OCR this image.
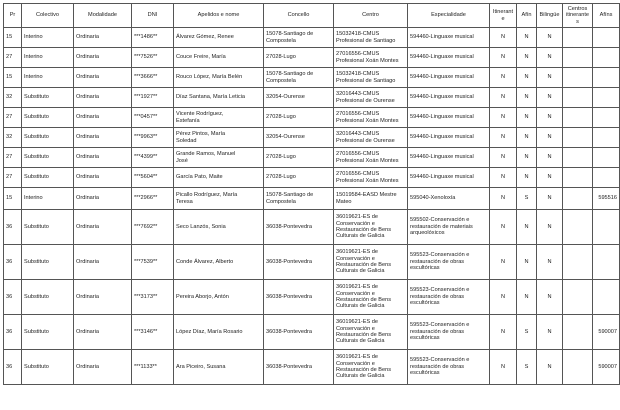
Pr	Colectivo	Modalidade	DNI	Apelidos e nome	Concello	Centro	Especialidade	Itinerante	Afín	Bilingüe	Centros itinerantes	Afíns
15	Interino	Ordinaria	***1486**	Álvarez Gómez, Renee	15078-Santiago de
Compostela	15032418-CMUS
Profesional de Santiago	594460-Linguaxe musical	N	N	N		
27	Interino	Ordinaria	***7526**	Couce Freire, María	27028-Lugo	27016556-CMUS
Profesional Xoán Montes	594460-Linguaxe musical	N	N	N		
15	Interino	Ordinaria	***3666**	Rouco López, María Belén	15078-Santiago de
Compostela	15032418-CMUS
Profesional de Santiago	594460-Linguaxe musical	N	N	N		
32	Substituto	Ordinaria	***1927**	Díaz Santana, María Leticia	32054-Ourense	32016443-CMUS
Profesional de Ourense	594460-Linguaxe musical	N	N	N		
27	Substituto	Ordinaria	***0457**	Vicente Rodríguez,
Estefanía	27028-Lugo	27016556-CMUS
Profesional Xoán Montes	594460-Linguaxe musical	N	N	N		
32	Substituto	Ordinaria	***9963**	Pérez Pintos, María
Soledad	32054-Ourense	32016443-CMUS
Profesional de Ourense	594460-Linguaxe musical	N	N	N		
27	Substituto	Ordinaria	***4399**	Grande Ramos, Manuel
José	27028-Lugo	27016556-CMUS
Profesional Xoán Montes	594460-Linguaxe musical	N	N	N		
27	Substituto	Ordinaria	***5604**	García Pato, Maite	27028-Lugo	27016556-CMUS
Profesional Xoán Montes	594460-Linguaxe musical	N	N	N		
15	Interino	Ordinaria	***2966**	Picallo Rodríguez, María
Teresa	15078-Santiago de
Compostela	15019584-EASD Mestre
Mateo	595040-Xenoloxía	N	S	N		595516
36	Substituto	Ordinaria	***7692**	Seco Lanzós, Sonia	36038-Pontevedra	36019621-ES de
Conservación e
Restauración de Bens
Culturais de Galicia	595502-Conservación e
restauración de materiais
arqueolóxicos	N	N	N		
36	Substituto	Ordinaria	***7539**	Conde Álvarez, Alberto	36038-Pontevedra	36019621-ES de
Conservación e
Restauración de Bens
Culturais de Galicia	595523-Conservación e
restauración de obras
escultóricas	N	N	N		
36	Substituto	Ordinaria	***3173**	Pereira Aborjo, Antón	36038-Pontevedra	36019621-ES de
Conservación e
Restauración de Bens
Culturais de Galicia	595523-Conservación e
restauración de obras
escultóricas	N	N	N		
36	Substituto	Ordinaria	***3146**	López Díaz, María Rosario	36038-Pontevedra	36019621-ES de
Conservación e
Restauración de Bens
Culturais de Galicia	595523-Conservación e
restauración de obras
escultóricas	N	S	N		590007
36	Substituto	Ordinaria	***1133**	Ara Piceiro, Susana	36038-Pontevedra	36019621-ES de
Conservación e
Restauración de Bens
Culturais de Galicia	595523-Conservación e
restauración de obras
escultóricas	N	S	N		590007
